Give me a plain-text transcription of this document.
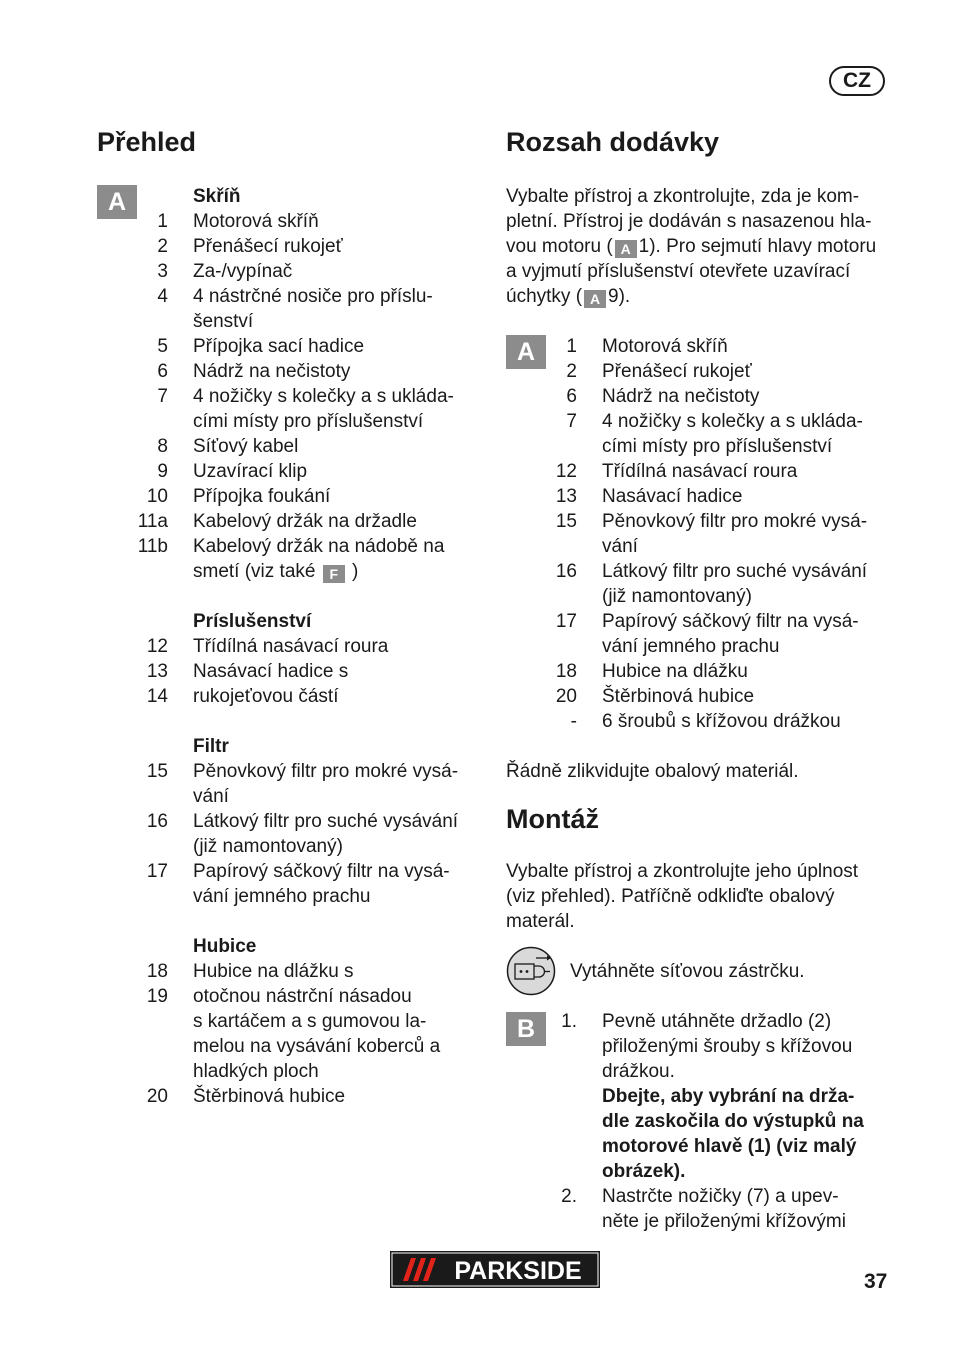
CZ
Přehled
A	Skříň
1 Motorová skříň
2 Přenášecí rukojeť
3 Za-/vypínač
4 4 nástrčné nosiče pro příslu-
šenství
5 Přípojka sací hadice
6 Nádrž na nečistoty
7 4 nožičky s kolečky a s ukláda-
cími místy pro příslušenství
8 Síťový kabel
9 Uzavírací klip
10 Přípojka foukání
11a Kabelový držák na držadle
11b Kabelový držák na nádobě na
smetí (viz také F )
Príslušenství
12 Třídílná nasávací roura
13 Nasávací hadice s
14 rukojeťovou částí
Filtr
15 Pěnovkový filtr pro mokré vysá-
vání
16 Látkový filtr pro suché vysávání
(již namontovaný)
17 Papírový sáčkový filtr na vysá-
vání jemného prachu
Hubice
18 Hubice na dlážku s
19 otočnou nástrční násadou
s kartáčem a s gumovou la-
melou na vysávání koberců a
hladkých ploch
20 Štěrbinová hubice
Rozsah dodávky
Vybalte přístroj a zkontrolujte, zda je kom-
pletní. Přístroj je dodáván s nasazenou hla-
vou motoru ( A 1). Pro sejmutí hlavy motoru
a vyjmutí příslušenství otevřete uzavírací
úchytky ( A 9).
A	1 Motorová skříň
2 Přenášecí rukojeť
6 Nádrž na nečistoty
7 4 nožičky s kolečky a s ukláda-
cími místy pro příslušenství
12 Třídílná nasávací roura
13 Nasávací hadice
15 Pěnovkový filtr pro mokré vysá-
vání
16 Látkový filtr pro suché vysávání
(již namontovaný)
17 Papírový sáčkový filtr na vysá-
vání jemného prachu
18 Hubice na dlážku
20 Štěrbinová hubice
- 6 šroubů s křížovou drážkou
Řádně zlikvidujte obalový materiál.
Montáž
Vybalte přístroj a zkontrolujte jeho úplnost
(viz přehled). Patříčně odkliďte obalový
materál.
Vytáhněte síťovou zástrčku.
B	1. Pevně utáhněte držadlo (2)
přiloženými šrouby s křížovou
drážkou.
Dbejte, aby vybrání na drža-
dle zaskočila do výstupků na
motorové hlavě (1) (viz malý
obrázek).
2. Nastrčte nožičky (7) a upev-
něte je přiloženými křížovými
PARKSIDE	37
